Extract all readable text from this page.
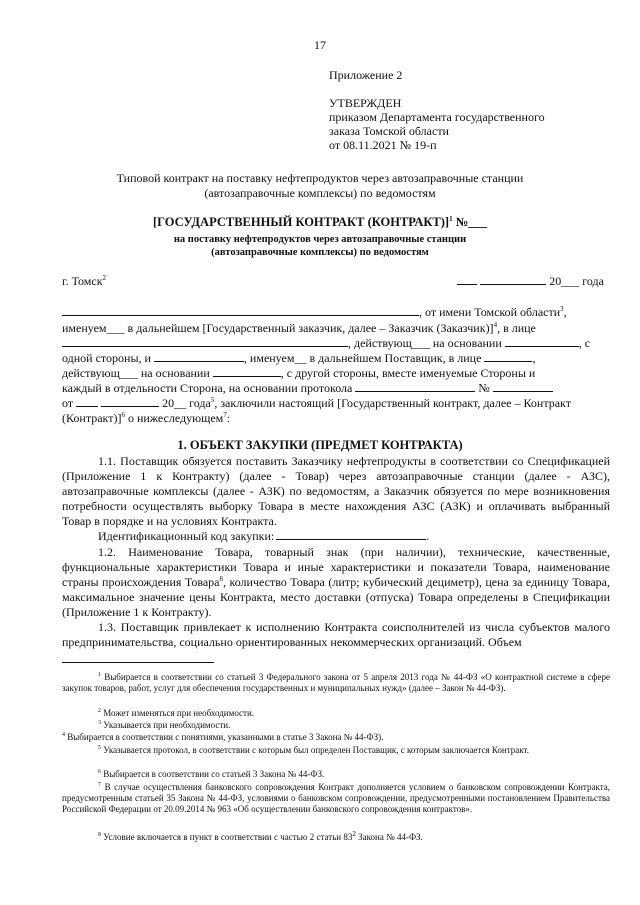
17
Приложение 2
УТВЕРЖДЕН
приказом Департамента государственного
заказа Томской области
от 08.11.2021 № 19-п
Типовой контракт на поставку нефтепродуктов через автозаправочные станции
(автозаправочные комплексы) по ведомостям
[ГОСУДАРСТВЕННЫЙ КОНТРАКТ (КОНТРАКТ)]$^1$ №___
на поставку нефтепродуктов через автозаправочные станции
(автозаправочные комплексы) по ведомостям
г. Томск$^2$	20___ года
, от имени Томской области$^3$,
именуем___ в дальнейшем [Государственный заказчик, далее – Заказчик (Заказчик)]$^4$, в лице
, действующ___ на основании	, с
одной стороны, и	, именуем__ в дальнейшем Поставщик, в лице	,
действующ___ на основании	, с другой стороны, вместе именуемые Стороны и
каждый в отдельности Сторона, на основании протокола	№
от	20__ года$^5$, заключили настоящий [Государственный контракт, далее – Контракт
(Контракт)]$^6$ о нижеследующем$^7$:
1. ОБЪЕКТ ЗАКУПКИ (ПРЕДМЕТ КОНТРАКТА)
1.1. Поставщик обязуется поставить Заказчику нефтепродукты в соответствии со Спецификацией (Приложение 1 к Контракту) (далее - Товар) через автозаправочные станции (далее - АЗС), автозаправочные комплексы (далее - АЗК) по ведомостям, а Заказчик обязуется по мере возникновения потребности осуществлять выборку Товара в месте нахождения АЗС (АЗК) и оплачивать выбранный Товар в порядке и на условиях Контракта.
Идентификационный код закупки:	.
1.2. Наименование Товара, товарный знак (при наличии), технические, качественные, функциональные характеристики Товара и иные характеристики и показатели Товара, наименование страны происхождения Товара$^8$, количество Товара (литр; кубический дециметр), цена за единицу Товара, максимальное значение цены Контракта, место доставки (отпуска) Товара определены в Спецификации (Приложение 1 к Контракту).
1.3. Поставщик привлекает к исполнению Контракта соисполнителей из числа субъектов малого предпринимательства, социально ориентированных некоммерческих организаций. Объем
$^1$ Выбирается в соответствии со статьей 3 Федерального закона от 5 апреля 2013 года № 44-ФЗ «О контрактной системе в сфере закупок товаров, работ, услуг для обеспечения государственных и муниципальных нужд» (далее – Закон № 44-ФЗ).
$^2$ Может изменяться при необходимости.
$^3$ Указывается при необходимости.
$^4$ Выбирается в соответствии с понятиями, указанными в статье 3 Закона № 44-ФЗ).
$^5$ Указывается протокол, в соответствии с которым был определен Поставщик, с которым заключается Контракт.
$^6$ Выбирается в соответствии со статьей 3 Закона № 44-ФЗ.
$^7$ В случае осуществления банковского сопровождения Контракт дополняется условием о банковском сопровождении Контракта, предусмотренным статьей 35 Закона № 44-ФЗ, условиями о банковском сопровождении, предусмотренными постановлением Правительства Российской Федерации от 20.09.2014 № 963 «Об осуществлении банковского сопровождения контрактов».
$^8$ Условие включается в пункт в соответствии с частью 2 статьи $83^2$ Закона № 44-ФЗ.
